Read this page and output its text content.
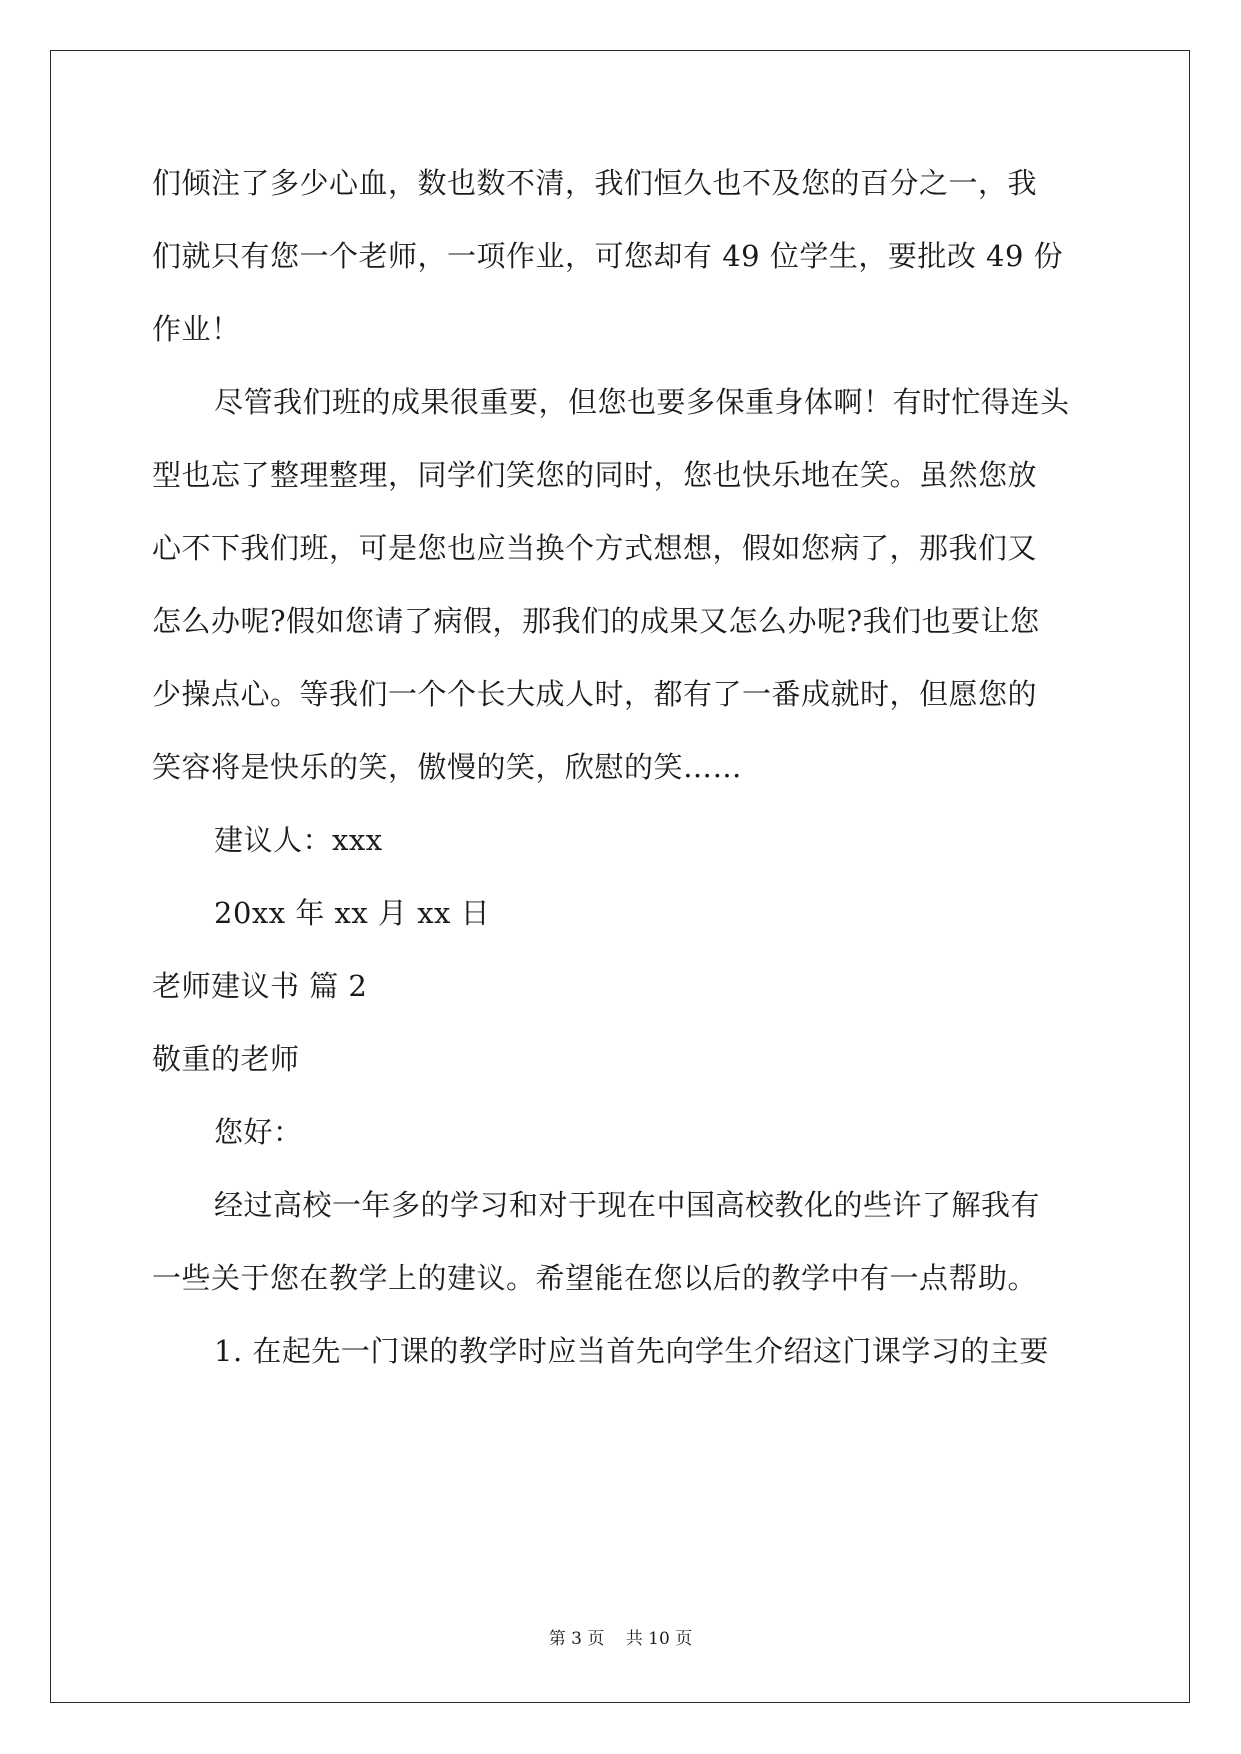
们倾注了多少心血，数也数不清，我们恒久也不及您的百分之一，我
们就只有您一个老师，一项作业，可您却有 49 位学生，要批改 49 份
作业！
尽管我们班的成果很重要，但您也要多保重身体啊！有时忙得连头
型也忘了整理整理，同学们笑您的同时，您也快乐地在笑。虽然您放
心不下我们班，可是您也应当换个方式想想，假如您病了，那我们又
怎么办呢?假如您请了病假，那我们的成果又怎么办呢?我们也要让您
少操点心。等我们一个个长大成人时，都有了一番成就时，但愿您的
笑容将是快乐的笑，傲慢的笑，欣慰的笑……
建议人：xxx
20xx 年 xx 月 xx 日
老师建议书 篇 2
敬重的老师
您好：
经过高校一年多的学习和对于现在中国高校教化的些许了解我有
一些关于您在教学上的建议。希望能在您以后的教学中有一点帮助。
1. 在起先一门课的教学时应当首先向学生介绍这门课学习的主要
第 3 页 共 10 页
